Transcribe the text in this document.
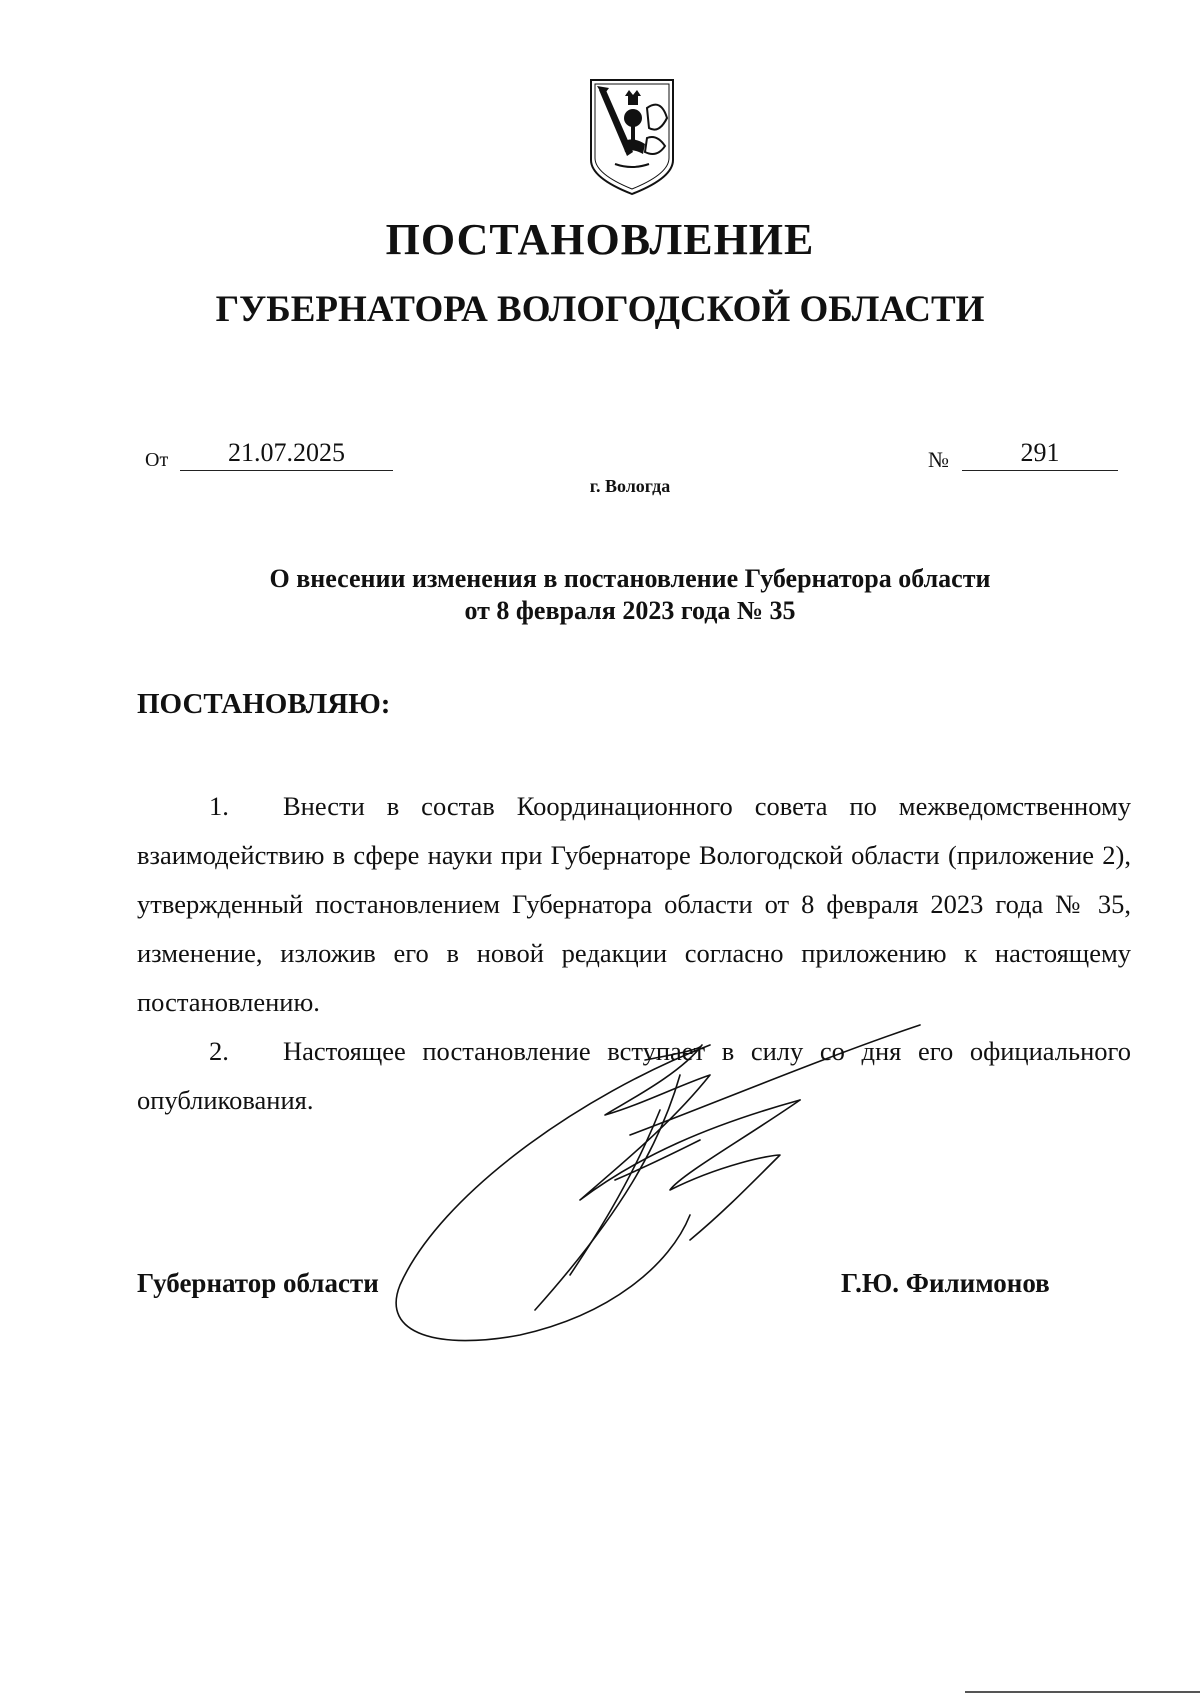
ПОСТАНОВЛЕНИЕ
ГУБЕРНАТОРА ВОЛОГОДСКОЙ ОБЛАСТИ
От	21.07.2025	№	291
г. Вологда
О внесении изменения в постановление Губернатора области
от 8 февраля 2023 года № 35
ПОСТАНОВЛЯЮ:
1. Внести в состав Координационного совета по межведомственному взаимодействию в сфере науки при Губернаторе Вологодской области (приложение 2), утвержденный постановлением Губернатора области от 8 февраля 2023 года № 35, изменение, изложив его в новой редакции согласно приложению к настоящему постановлению.
2. Настоящее постановление вступает в силу со дня его официального опубликования.
Губернатор области	Г.Ю. Филимонов
